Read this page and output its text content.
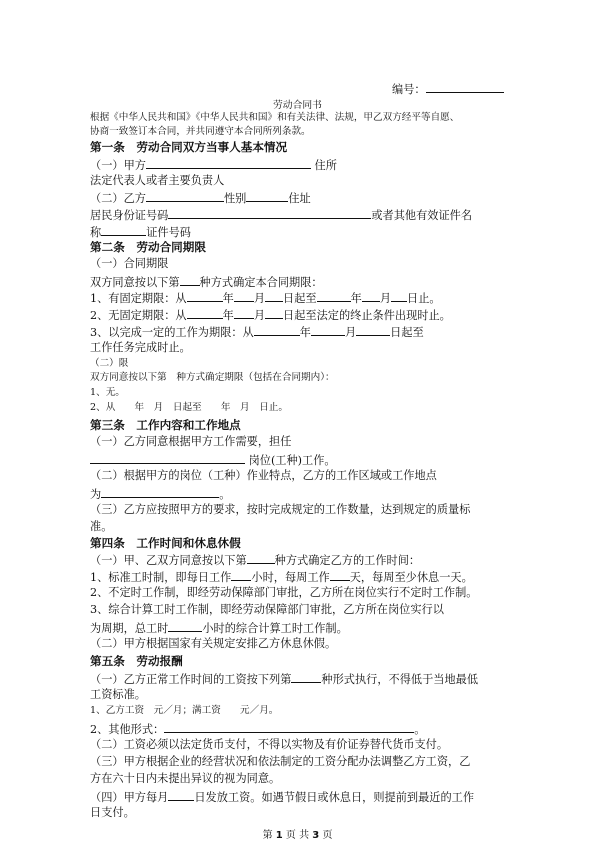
编号：
劳动合同书
根据《中华人民共和国》《中华人民共和国》和有关法律、法规，甲乙双方经平等自愿、
协商一致签订本合同，并共同遵守本合同所列条款。
第一条　劳动合同双方当事人基本情况
（一）甲方	住所
法定代表人或者主要负责人
（二）乙方	性别	住址
居民身份证号码	或者其他有效证件名
称	证件号码
第二条　劳动合同期限
（一）合同期限
双方同意按以下第 种方式确定本合同期限：
1、有固定期限：从	年 月 日起至	年 月 日止。
2、无固定期限：从	年 月 日起至法定的终止条件出现时止。
3、以完成一定的工作为期限：从	年	月	日起至
工作任务完成时止。
（二）限
双方同意按以下第　种方式确定期限（包括在合同期内）：
1、无。
2、从　　年　月　日起至　　年　月　日止。
第三条　工作内容和工作地点
（一）乙方同意根据甲方工作需要，担任
岗位(工种)工作。
（二）根据甲方的岗位（工种）作业特点，乙方的工作区域或工作地点
为	。
（三）乙方应按照甲方的要求，按时完成规定的工作数量，达到规定的质量标
准。
第四条　工作时间和休息休假
（一）甲、乙双方同意按以下第	种方式确定乙方的工作时间：
1、标准工时制，即每日工作 小时，每周工作 天，每周至少休息一天。
2、不定时工作制，即经劳动保障部门审批，乙方所在岗位实行不定时工作制。
3、综合计算工时工作制，即经劳动保障部门审批，乙方所在岗位实行以
为周期，总工时	小时的综合计算工时工作制。
（二）甲方根据国家有关规定安排乙方休息休假。
第五条　劳动报酬
（一）乙方正常工作时间的工资按下列第	种形式执行，不得低于当地最低
工资标准。
1、乙方工资　元／月；满工资　　元／月。
2、其他形式：	。
（二）工资必须以法定货币支付，不得以实物及有价证券替代货币支付。
（三）甲方根据企业的经营状况和依法制定的工资分配办法调整乙方工资，乙
方在六十日内未提出异议的视为同意。
（四）甲方每月 日发放工资。如遇节假日或休息日，则提前到最近的工作
日支付。
第 1 页 共 3 页
